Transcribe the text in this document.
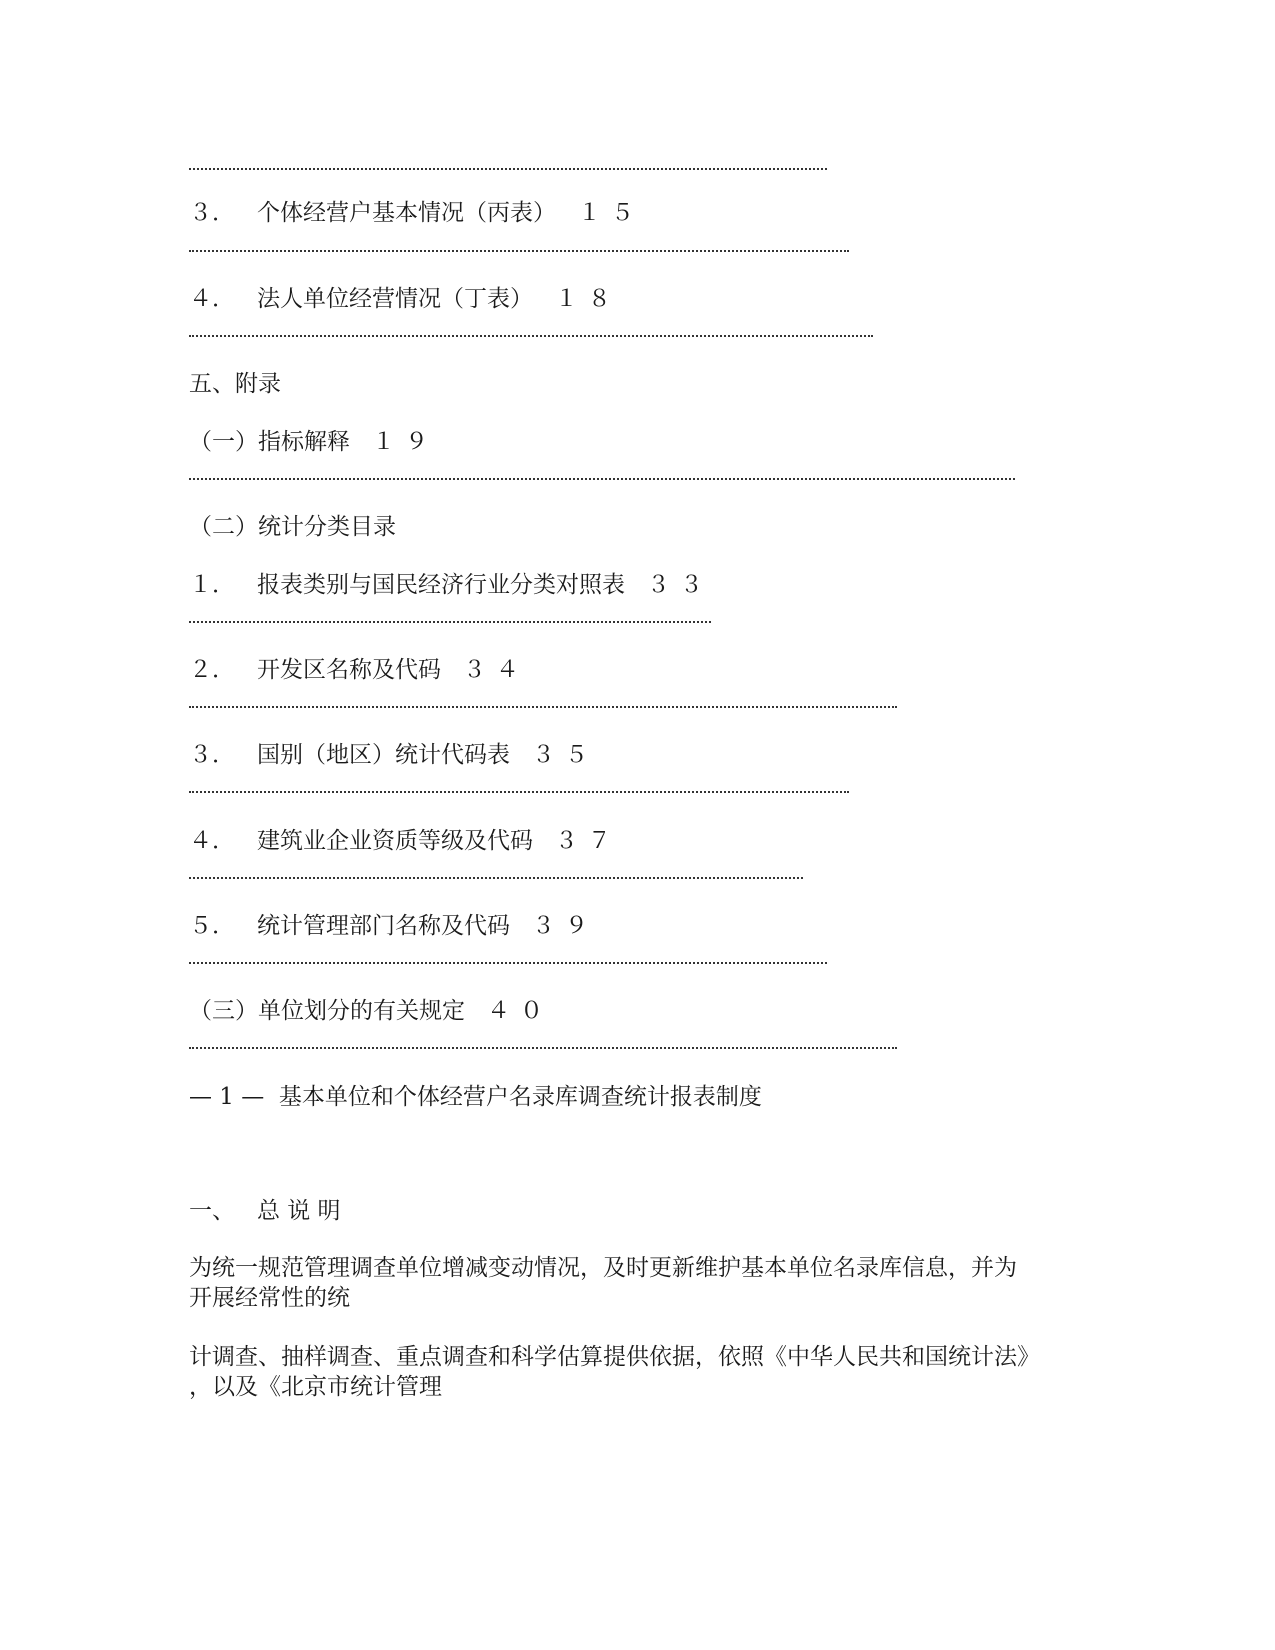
３． 个体经营户基本情况（丙表） １５
４． 法人单位经营情况（丁表） １８
五、附录
（一）指标解释 １９
（二）统计分类目录
１． 报表类别与国民经济行业分类对照表 ３３
２． 开发区名称及代码 ３４
３． 国别（地区）统计代码表 ３５
４． 建筑业企业资质等级及代码 ３７
５． 统计管理部门名称及代码 ３９
（三）单位划分的有关规定 ４０
— 1 — 基本单位和个体经营户名录库调查统计报表制度
一、 总 说 明
为统一规范管理调查单位增减变动情况，及时更新维护基本单位名录库信息，并为
开展经常性的统
计调查、抽样调查、重点调查和科学估算提供依据，依照《中华人民共和国统计法》
，以及《北京市统计管理
